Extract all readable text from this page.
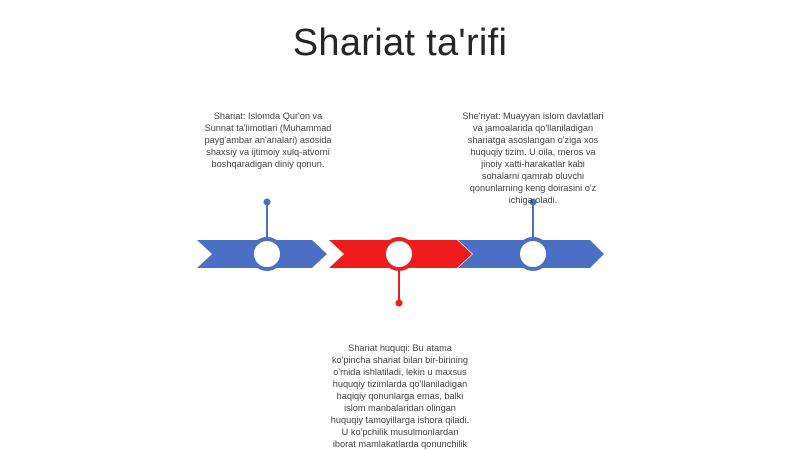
Shariat ta'rifi
Shariat: Islomda Qur'on va
Sunnat ta'limotlari (Muhammad
payg'ambar an'analari) asosida
shaxsiy va ijtimoiy xulq-atvorni
boshqaradigan diniy qonun.
She'riyat: Muayyan islom davlatlari
va jamoalarida qo'llaniladigan
shariatga asoslangan o'ziga xos
huquqiy tizim. U oila, meros va
jinoiy xatti-harakatlar kabi
sohalarni qamrab oluvchi
qonunlarning keng doirasini o'z
ichiga oladi.
Shariat huquqi: Bu atama
ko'pincha shariat bilan bir-birining
o'rnida ishlatiladi, lekin u maxsus
huquqiy tizimlarda qo'llaniladigan
haqiqiy qonunlarga emas, balki
islom manbalaridan olingan
huquqiy tamoyillarga ishora qiladi.
U ko'pchilik musulmonlardan
iborat mamlakatlarda qonunchilik
